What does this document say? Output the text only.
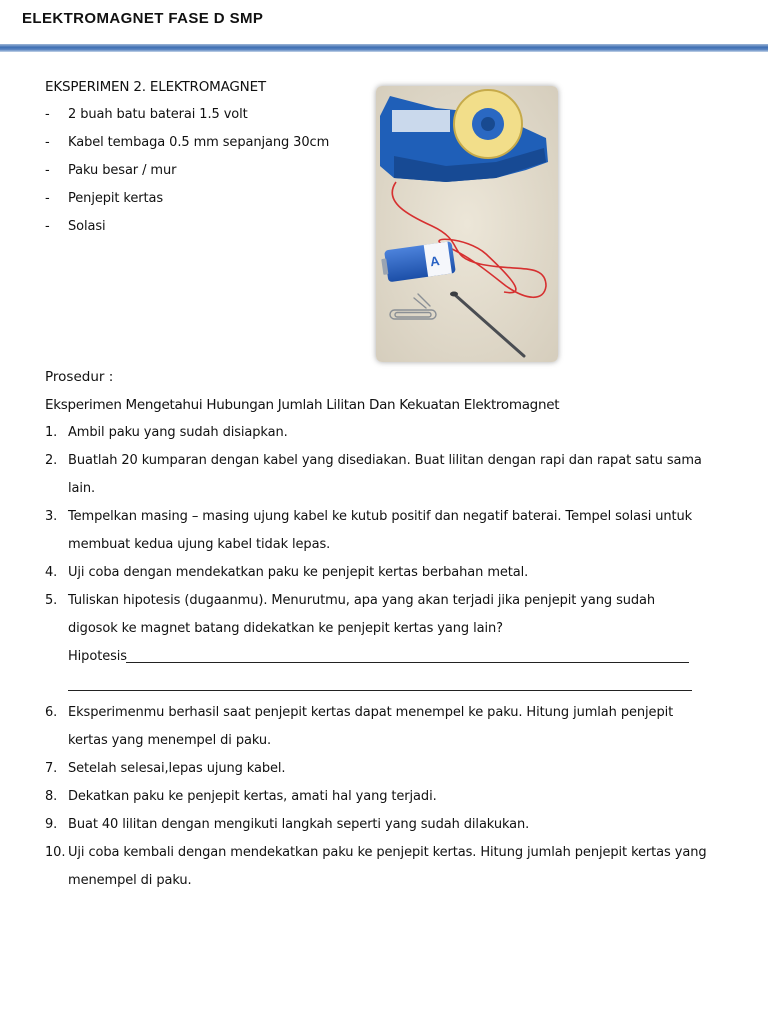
ELEKTROMAGNET FASE D SMP
EKSPERIMEN 2. ELEKTROMAGNET
- 2 buah batu baterai 1.5 volt
- Kabel tembaga 0.5 mm sepanjang 30cm
- Paku besar / mur
- Penjepit kertas
- Solasi
A
Prosedur :
Eksperimen Mengetahui Hubungan Jumlah Lilitan Dan Kekuatan Elektromagnet
1. Ambil paku yang sudah disiapkan.
2. Buatlah 20 kumparan dengan kabel yang disediakan. Buat lilitan dengan rapi dan rapat satu sama
lain.
3. Tempelkan masing – masing ujung kabel ke kutub positif dan negatif baterai. Tempel solasi untuk
membuat kedua ujung kabel tidak lepas.
4. Uji coba dengan mendekatkan paku ke penjepit kertas berbahan metal.
5. Tuliskan hipotesis (dugaanmu). Menurutmu, apa yang akan terjadi jika penjepit yang sudah
digosok ke magnet batang didekatkan ke penjepit kertas yang lain?
Hipotesis
6. Eksperimenmu berhasil saat penjepit kertas dapat menempel ke paku. Hitung jumlah penjepit
kertas yang menempel di paku.
7. Setelah selesai,lepas ujung kabel.
8. Dekatkan paku ke penjepit kertas, amati hal yang terjadi.
9. Buat 40 lilitan dengan mengikuti langkah seperti yang sudah dilakukan.
10. Uji coba kembali dengan mendekatkan paku ke penjepit kertas. Hitung jumlah penjepit kertas yang
menempel di paku.
